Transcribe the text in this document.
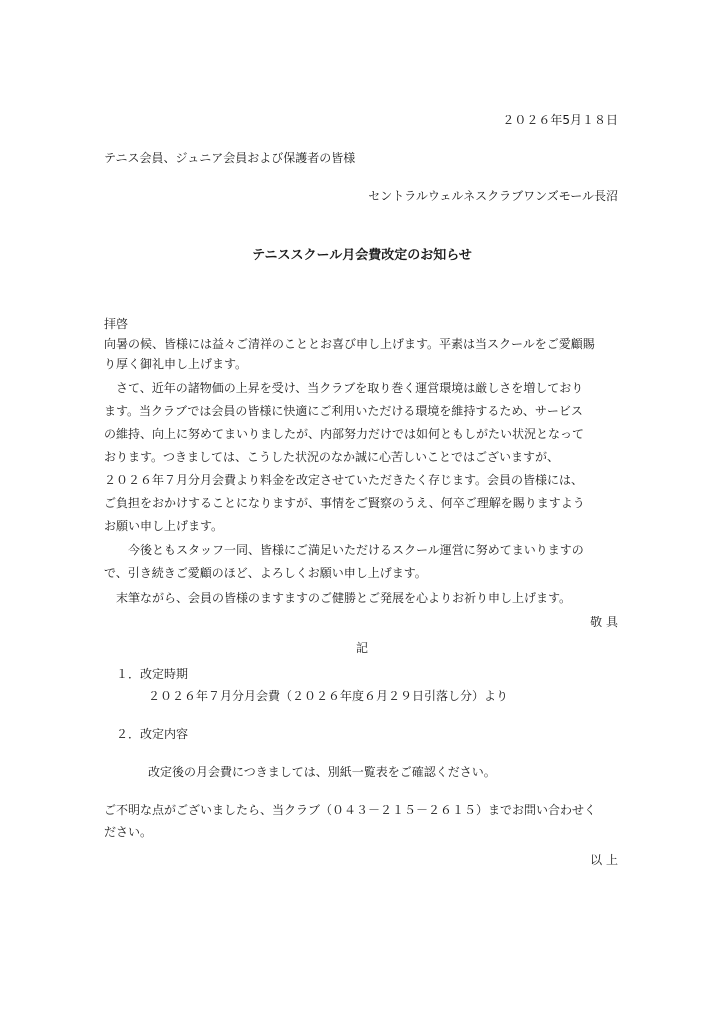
２０２６年5月１８日
テニス会員、ジュニア会員および保護者の皆様
セントラルウェルネスクラブワンズモール長沼
テニススクール月会費改定のお知らせ
拝啓
向暑の候、皆様には益々ご清祥のこととお喜び申し上げます。平素は当スクールをご愛顧賜
り厚く御礼申し上げます。
　さて、近年の諸物価の上昇を受け、当クラブを取り巻く運営環境は厳しさを増しており
ます。当クラブでは会員の皆様に快適にご利用いただける環境を維持するため、サービス
の維持、向上に努めてまいりましたが、内部努力だけでは如何ともしがたい状況となって
おります。つきましては、こうした状況のなか誠に心苦しいことではございますが、
２０２６年７月分月会費より料金を改定させていただきたく存じます。会員の皆様には、
ご負担をおかけすることになりますが、事情をご賢察のうえ、何卒ご理解を賜りますよう
お願い申し上げます。
　　今後ともスタッフ一同、皆様にご満足いただけるスクール運営に努めてまいりますの
で、引き続きご愛顧のほど、よろしくお願い申し上げます。
　末筆ながら、会員の皆様のますますのご健勝とご発展を心よりお祈り申し上げます。
敬 具
記
１．改定時期
２０２６年７月分月会費（２０２６年度６月２９日引落し分）より
２．改定内容
改定後の月会費につきましては、別紙一覧表をご確認ください。
ご不明な点がございましたら、当クラブ（０４３－２１５－２６１５）までお問い合わせく
ださい。
以 上
